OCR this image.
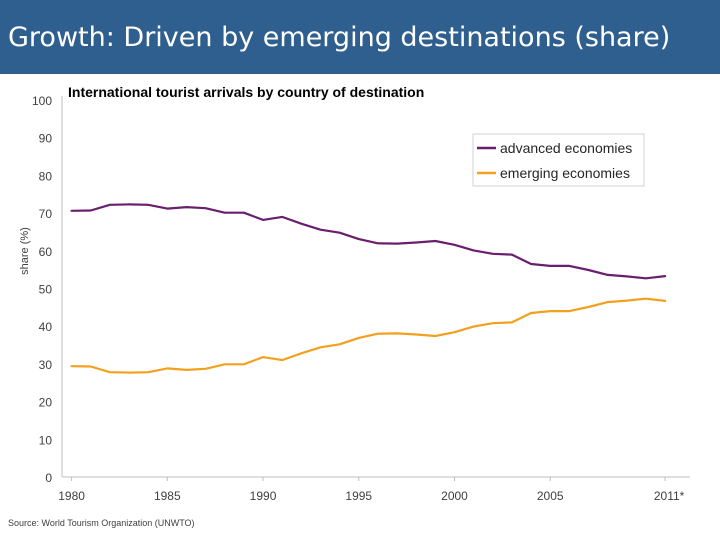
Growth: Driven by emerging destinations (share)
0
10
20
30
40
50
60
70
80
90
100
1980	1985	1990	1995	2000	2005	2011*
International tourist arrivals by country of destination
share (%)
advanced economies
emerging economies
Source: World Tourism Organization (UNWTO)
